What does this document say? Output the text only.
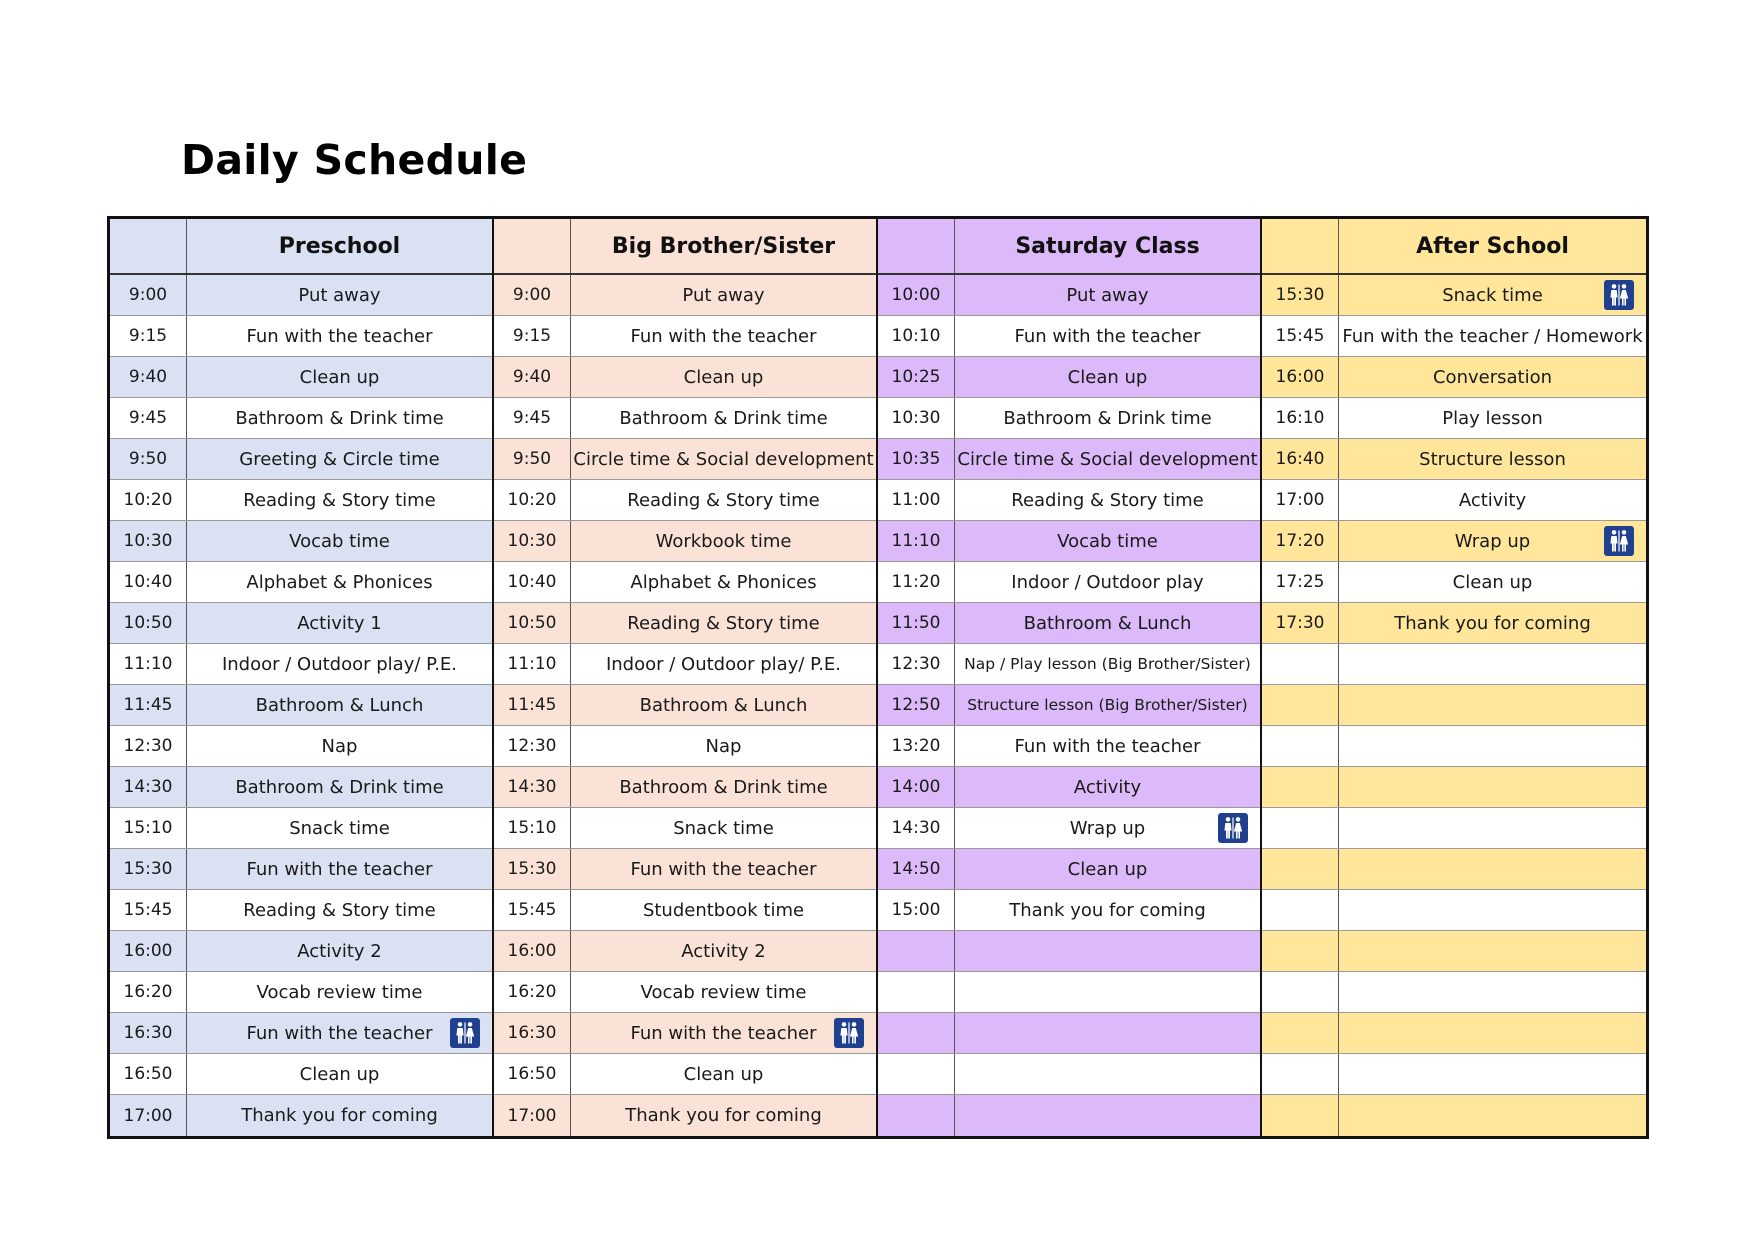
Daily Schedule
Preschool
9:00	Put away
9:15	Fun with the teacher
9:40	Clean up
9:45	Bathroom & Drink time
9:50	Greeting & Circle time
10:20	Reading & Story time
10:30	Vocab time
10:40	Alphabet & Phonices
10:50	Activity 1
11:10	Indoor / Outdoor play/ P.E.
11:45	Bathroom & Lunch
12:30	Nap
14:30	Bathroom & Drink time
15:10	Snack time
15:30	Fun with the teacher
15:45	Reading & Story time
16:00	Activity 2
16:20	Vocab review time
16:30	Fun with the teacher
16:50	Clean up
17:00	Thank you for coming
Big Brother/Sister
9:00	Put away
9:15	Fun with the teacher
9:40	Clean up
9:45	Bathroom & Drink time
9:50	Circle time & Social development
10:20	Reading & Story time
10:30	Workbook time
10:40	Alphabet & Phonices
10:50	Reading & Story time
11:10	Indoor / Outdoor play/ P.E.
11:45	Bathroom & Lunch
12:30	Nap
14:30	Bathroom & Drink time
15:10	Snack time
15:30	Fun with the teacher
15:45	Studentbook time
16:00	Activity 2
16:20	Vocab review time
16:30	Fun with the teacher
16:50	Clean up
17:00	Thank you for coming
Saturday Class
10:00	Put away
10:10	Fun with the teacher
10:25	Clean up
10:30	Bathroom & Drink time
10:35 Circle time & Social development
11:00	Reading & Story time
11:10	Vocab time
11:20	Indoor / Outdoor play
11:50	Bathroom & Lunch
12:30	Nap / Play lesson (Big Brother/Sister)
12:50	Structure lesson (Big Brother/Sister)
13:20	Fun with the teacher
14:00	Activity
14:30	Wrap up
14:50	Clean up
15:00	Thank you for coming
After School
15:30	Snack time
15:45 Fun with the teacher / Homework
16:00	Conversation
16:10	Play lesson
16:40	Structure lesson
17:00	Activity
17:20	Wrap up
17:25	Clean up
17:30	Thank you for coming
